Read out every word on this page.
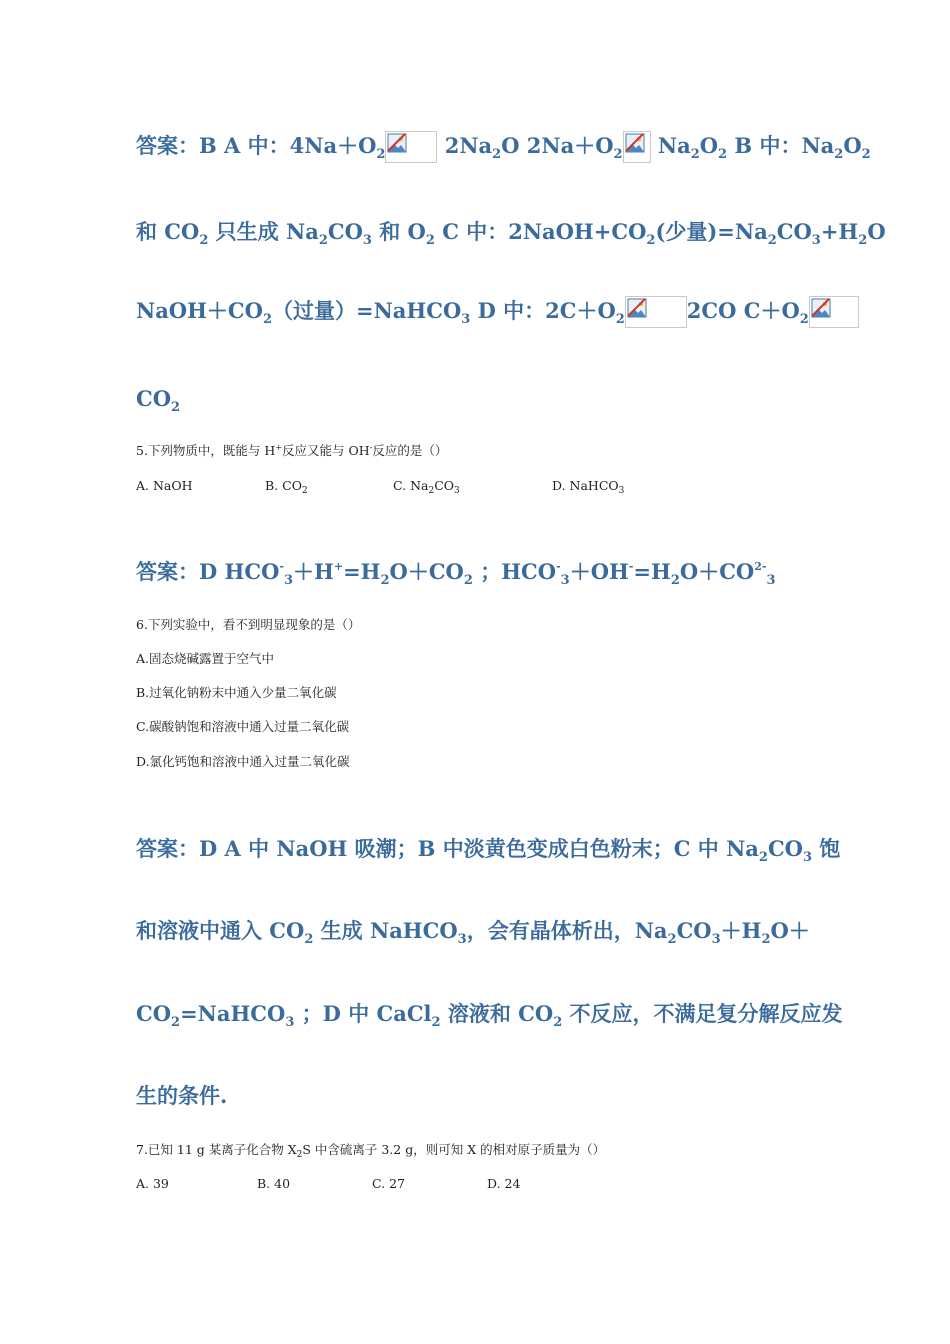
答案：B A 中：$4Na+O_2$
$2Na_2O$ $2Na+O_2$
$Na_2O_2$ B 中：$Na_2O_2$
和 $CO_2$ 只生成 $Na_2CO_3$ 和 $O_2$ C 中：$2NaOH+CO_2$(少量)$=Na_2CO_3+H_2O$
$NaOH+CO_2$（过量）=NaHCO$_3$ D 中：$2C+O_2$	2CO $C+O_2$
$CO_2$
5.下列物质中，既能与 H+反应又能与 OH-反应的是（）
A. NaOH	B. $CO_2$	C. $Na_2CO_3$	D. NaHCO$_3$
答案：D $HCO^-_3+H^+=H_2O+CO_2$ ；$HCO^-_3+OH^-=H_2O+CO^{2-}_3$
6.下列实验中，看不到明显现象的是（）
A.固态烧碱露置于空气中
B.过氧化钠粉末中通入少量二氧化碳
C.碳酸钠饱和溶液中通入过量二氧化碳
D.氯化钙饱和溶液中通入过量二氧化碳
答案：D A 中 NaOH 吸潮；B 中淡黄色变成白色粉末；C 中 $Na_2CO_3$ 饱
和溶液中通入 $CO_2$ 生成 NaHCO$_3$，会有晶体析出，$Na_2CO_3+H_2O+$
$CO_2=NaHCO_3$ ；D 中 CaCl$_2$ 溶液和 $CO_2$ 不反应，不满足复分解反应发
生的条件.
7.已知 11 g 某离子化合物 $X_2S$ 中含硫离子 3.2 g，则可知 X 的相对原子质量为（）
A. 39	B. 40	C. 27	D. 24
